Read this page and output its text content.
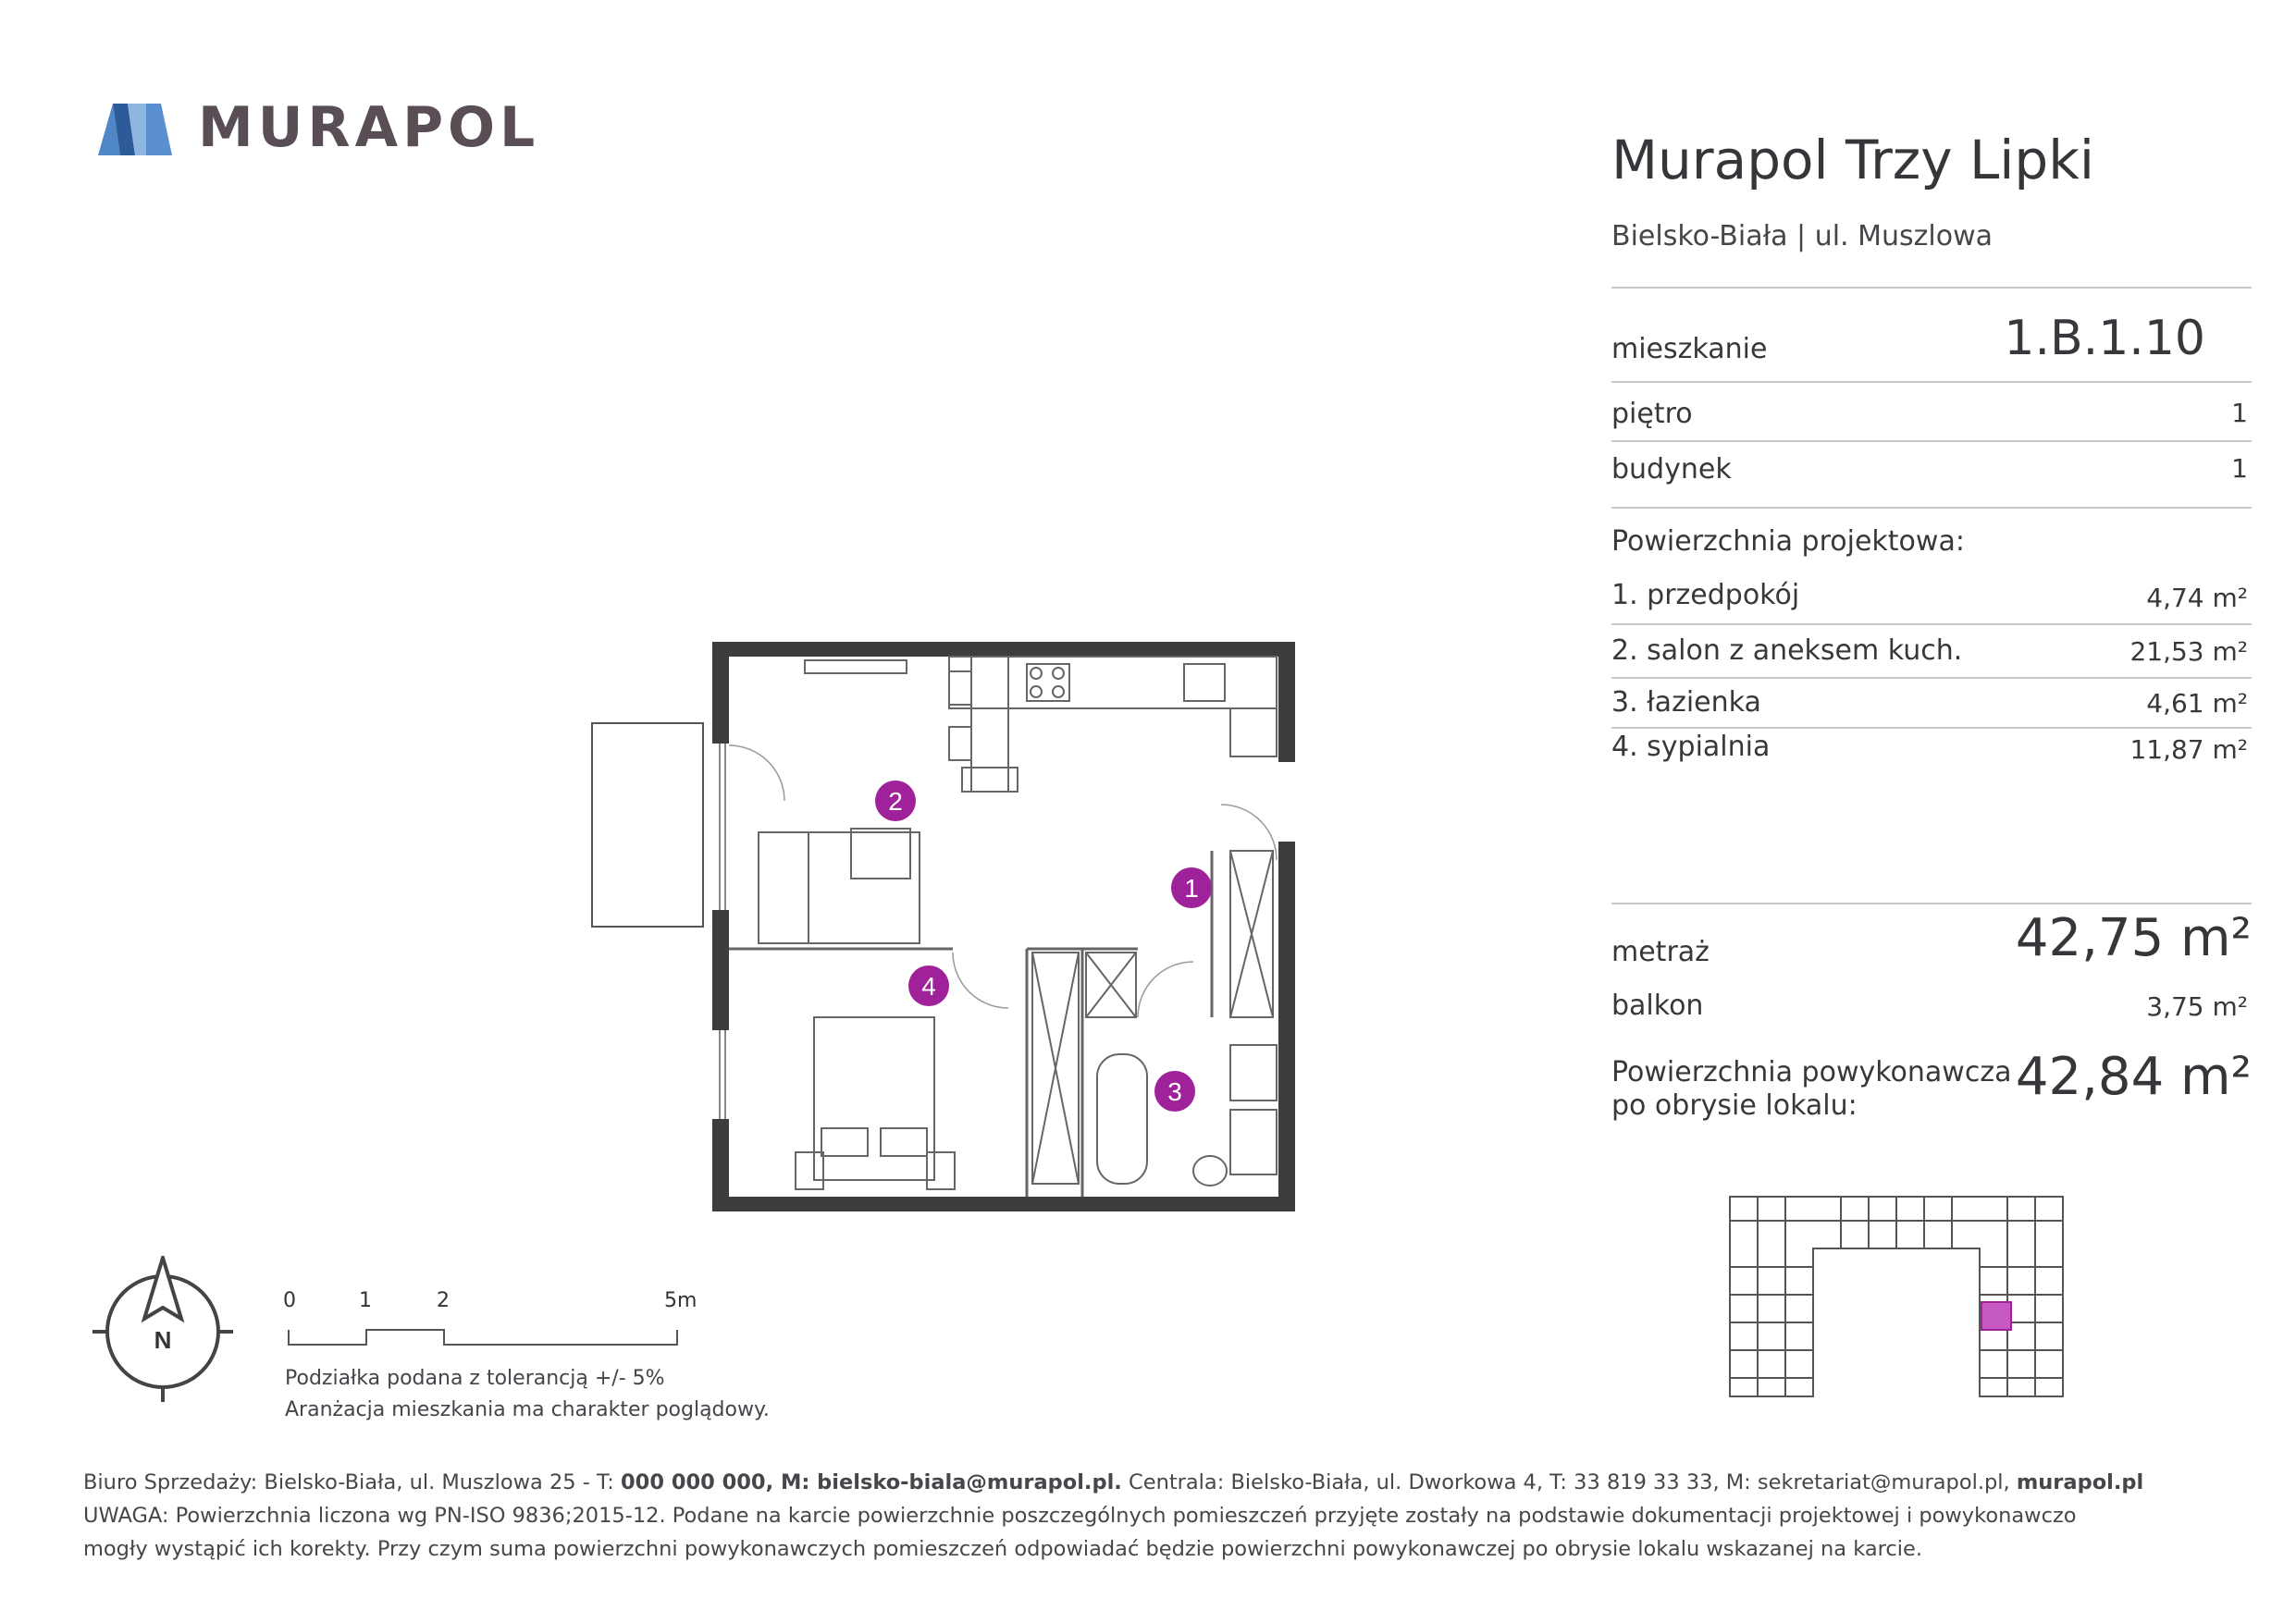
MURAPOL	Murapol Trzy Lipki
Bielsko-Biała | ul. Muszlowa
mieszkanie	1.B.1.10
piętro	1
budynek	1
Powierzchnia projektowa:
1. przedpokój	4,74 m²
2. salon z aneksem kuch.	21,53 m²
3. łazienka	4,61 m²
4. sypialnia	11,87 m²
metraż	42,75 m²
balkon	3,75 m²
Powierzchnia powykonawcza
po obrysie lokalu:	42,84 m²
1
2
3
4
N
0	1	2	5m
Podziałka podana z tolerancją +/- 5%
Aranżacja mieszkania ma charakter poglądowy.
Biuro Sprzedaży: Bielsko-Biała, ul. Muszlowa 25 - T: 000 000 000, M: bielsko-biala@murapol.pl. Centrala: Bielsko-Biała, ul. Dworkowa 4, T: 33 819 33 33, M: sekretariat@murapol.pl, murapol.pl
UWAGA: Powierzchnia liczona wg PN-ISO 9836;2015-12. Podane na karcie powierzchnie poszczególnych pomieszczeń przyjęte zostały na podstawie dokumentacji projektowej i powykonawczo
mogły wystąpić ich korekty. Przy czym suma powierzchni powykonawczych pomieszczeń odpowiadać będzie powierzchni powykonawczej po obrysie lokalu wskazanej na karcie.
